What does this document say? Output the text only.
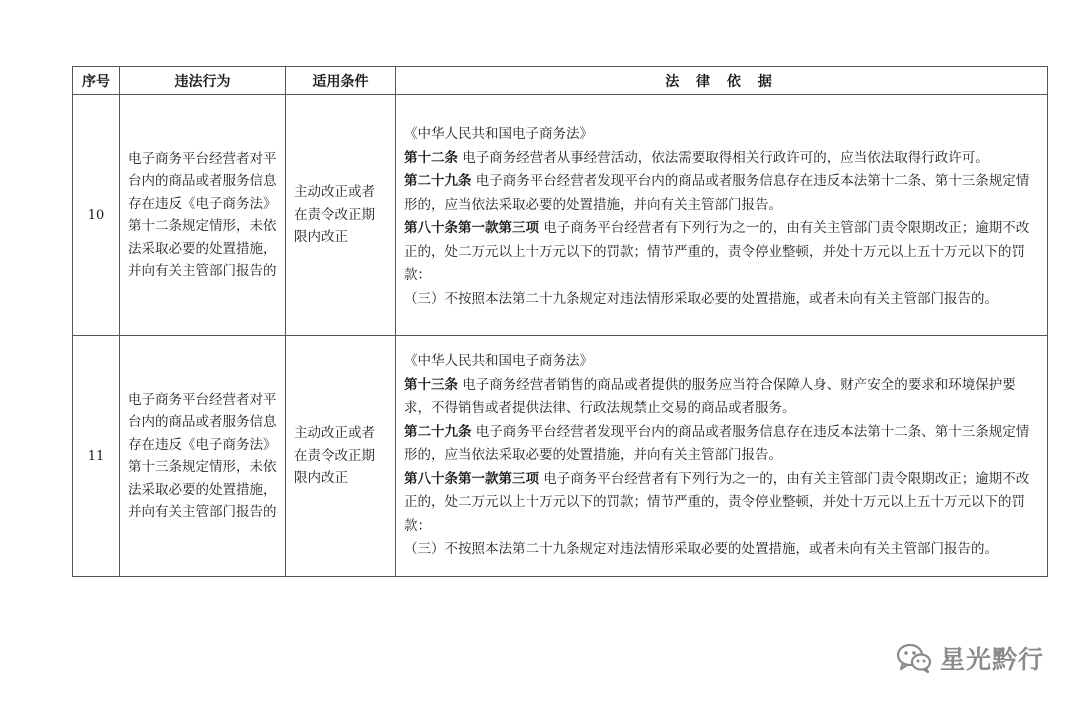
序号	违法行为	适用条件	法 律 依 据
10	电子商务平台经营者对平台内的商品或者服务信息存在违反《电子商务法》第十二条规定情形，未依法采取必要的处置措施，并向有关主管部门报告的	主动改正或者在责令改正期限内改正	《中华人民共和国电子商务法》
第十二条 电子商务经营者从事经营活动，依法需要取得相关行政许可的，应当依法取得行政许可。
第二十九条 电子商务平台经营者发现平台内的商品或者服务信息存在违反本法第十二条、第十三条规定情形的，应当依法采取必要的处置措施，并向有关主管部门报告。
第八十条第一款第三项 电子商务平台经营者有下列行为之一的，由有关主管部门责令限期改正；逾期不改正的，处二万元以上十万元以下的罚款；情节严重的，责令停业整顿，并处十万元以上五十万元以下的罚款：
（三）不按照本法第二十九条规定对违法情形采取必要的处置措施，或者未向有关主管部门报告的。

11	电子商务平台经营者对平台内的商品或者服务信息存在违反《电子商务法》第十三条规定情形，未依法采取必要的处置措施，并向有关主管部门报告的	主动改正或者在责令改正期限内改正	《中华人民共和国电子商务法》
第十三条 电子商务经营者销售的商品或者提供的服务应当符合保障人身、财产安全的要求和环境保护要求，不得销售或者提供法律、行政法规禁止交易的商品或者服务。
第二十九条 电子商务平台经营者发现平台内的商品或者服务信息存在违反本法第十二条、第十三条规定情形的，应当依法采取必要的处置措施，并向有关主管部门报告。
第八十条第一款第三项 电子商务平台经营者有下列行为之一的，由有关主管部门责令限期改正；逾期不改正的，处二万元以上十万元以下的罚款；情节严重的，责令停业整顿，并处十万元以上五十万元以下的罚款：
（三）不按照本法第二十九条规定对违法情形采取必要的处置措施，或者未向有关主管部门报告的。
星光黔行
